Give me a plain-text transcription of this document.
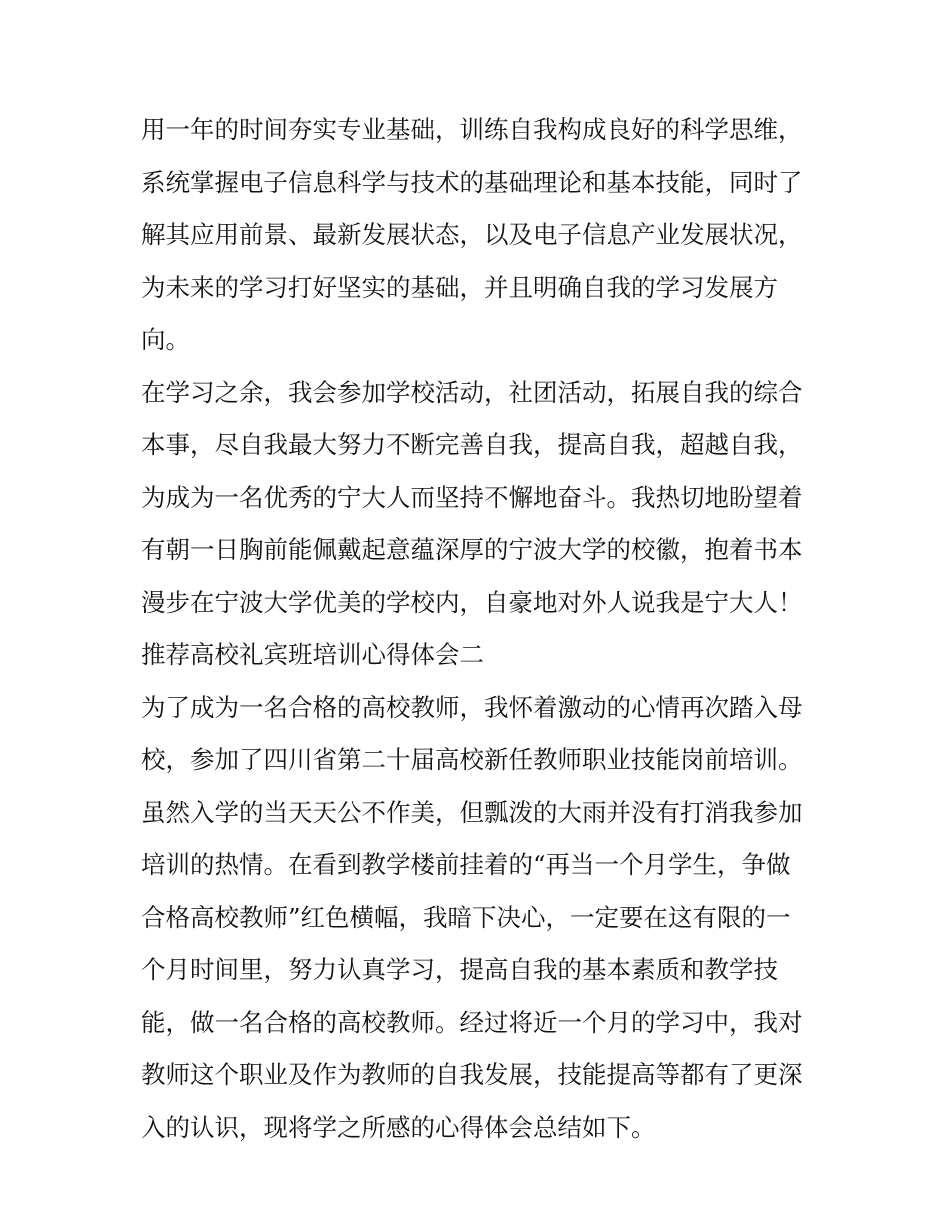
用一年的时间夯实专业基础，训练自我构成良好的科学思维，
系统掌握电子信息科学与技术的基础理论和基本技能，同时了
解其应用前景、最新发展状态，以及电子信息产业发展状况，
为未来的学习打好坚实的基础，并且明确自我的学习发展方
向。
在学习之余，我会参加学校活动，社团活动，拓展自我的综合
本事，尽自我最大努力不断完善自我，提高自我，超越自我，
为成为一名优秀的宁大人而坚持不懈地奋斗。我热切地盼望着
有朝一日胸前能佩戴起意蕴深厚的宁波大学的校徽，抱着书本
漫步在宁波大学优美的学校内，自豪地对外人说我是宁大人！
推荐高校礼宾班培训心得体会二
为了成为一名合格的高校教师，我怀着激动的心情再次踏入母
校，参加了四川省第二十届高校新任教师职业技能岗前培训。
虽然入学的当天天公不作美，但瓢泼的大雨并没有打消我参加
培训的热情。在看到教学楼前挂着的“再当一个月学生，争做
合格高校教师”红色横幅，我暗下决心，一定要在这有限的一
个月时间里，努力认真学习，提高自我的基本素质和教学技
能，做一名合格的高校教师。经过将近一个月的学习中，我对
教师这个职业及作为教师的自我发展，技能提高等都有了更深
入的认识，现将学之所感的心得体会总结如下。
